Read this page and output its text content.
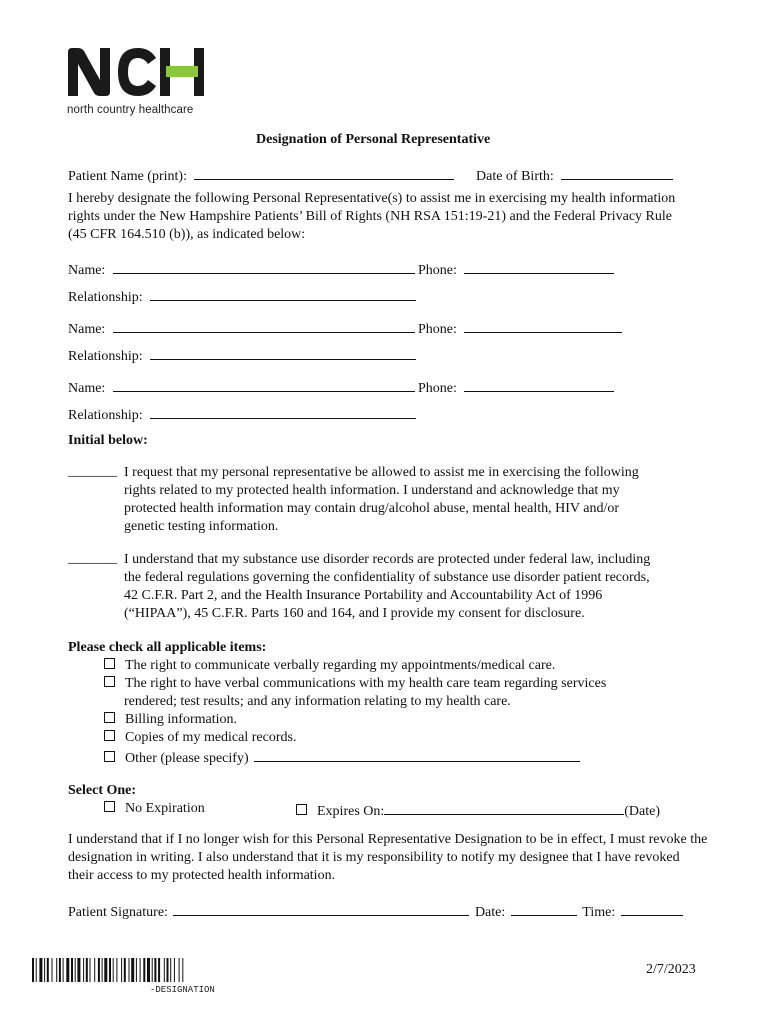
north country healthcare
Designation of Personal Representative
Patient Name (print):	Date of Birth:
I hereby designate the following Personal Representative(s) to assist me in exercising my health information rights under the New Hampshire Patients’ Bill of Rights (NH RSA 151:19-21) and the Federal Privacy Rule (45 CFR 164.510 (b)), as indicated below:
Name:	Phone:
Relationship:
Name:	Phone:
Relationship:
Name:	Phone:
Relationship:
Initial below:
_______ I request that my personal representative be allowed to assist me in exercising the following
rights related to my protected health information. I understand and acknowledge that my
protected health information may contain drug/alcohol abuse, mental health, HIV and/or
genetic testing information.
_______ I understand that my substance use disorder records are protected under federal law, including
the federal regulations governing the confidentiality of substance use disorder patient records,
42 C.F.R. Part 2, and the Health Insurance Portability and Accountability Act of 1996
(“HIPAA”), 45 C.F.R. Parts 160 and 164, and I provide my consent for disclosure.
Please check all applicable items:
The right to communicate verbally regarding my appointments/medical care.
The right to have verbal communications with my health care team regarding services
rendered; test results; and any information relating to my health care.
Billing information.
Copies of my medical records.
Other (please specify)
Select One:
No Expiration	Expires On:	(Date)
I understand that if I no longer wish for this Personal Representative Designation to be in effect, I must revoke the designation in writing. I also understand that it is my responsibility to notify my designee that I have revoked their access to my protected health information.
Patient Signature:	Date:	Time:
-DESIGNATION
2/7/2023
